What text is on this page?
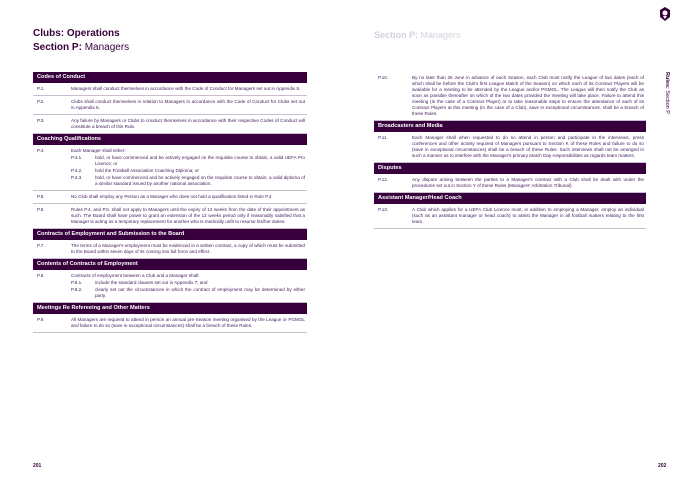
Clubs: Operations
Section P: Managers
Codes of Conduct
P.1.	Managers shall conduct themselves in accordance with the Code of Conduct for Managers set out in Appendix 5.
P.2.	Clubs shall conduct themselves in relation to Managers in accordance with the Code of Conduct for Clubs set out in Appendix 6.
P.3.	Any failure by Managers or Clubs to conduct themselves in accordance with their respective Codes of Conduct will constitute a breach of this Rule.
Coaching Qualifications
P.4.	Each Manager shall either:
P.4.1.	hold, or have commenced and be actively engaged on the requisite course to obtain, a valid UEFA Pro Licence; or
P.4.2.	hold the Football Association Coaching Diploma; or
P.4.3.	hold, or have commenced and be actively engaged on the requisite course to obtain, a valid diploma of a similar standard issued by another national association.
P.5.	No Club shall employ any Person as a Manager who does not hold a qualification listed in Rule P.4.
P.6.	Rules P.4. and P.5. shall not apply to Managers until the expiry of 12 weeks from the date of their appointment as such. The Board shall have power to grant an extension of the 12 weeks period only if reasonably satisfied that a Manager is acting as a temporary replacement for another who is medically unfit to resume his/her duties.
Contracts of Employment and Submission to the Board
P.7.	The terms of a Manager's employment must be evidenced in a written contract, a copy of which must be submitted to the Board within seven days of its coming into full force and effect.
Contents of Contracts of Employment
P.8.	Contracts of employment between a Club and a Manager shall:
P.8.1.	include the standard clauses set out in Appendix 7; and
P.8.2.	clearly set out the circumstances in which the contract of employment may be determined by either party.
Meetings Re Refereeing and Other Matters
P.9.	All Managers are required to attend in person an annual pre-Season meeting organised by the League or PGMOL and failure to do so (save in exceptional circumstances) shall be a breach of these Rules.
201
Section P: Managers
Rules: Section P
P.10.	By no later than 25 June in advance of each Season, each Club must notify the League of two dates (each of which shall be before the Club's first League Match of the Season) on which each of its Contract Players will be available for a meeting to be attended by the League and/or PGMOL. The League will then notify the Club as soon as possible thereafter on which of the two dates provided the meeting will take place. Failure to attend this meeting (in the case of a Contract Player) or to take reasonable steps to ensure the attendance of each of its Contract Players at this meeting (in the case of a Club), save in exceptional circumstances, shall be a breach of these Rules.
Broadcasters and Media
P.11.	Each Manager shall when requested to do so attend in person and participate in the interviews, press conferences and other activity required of Managers pursuant to Section K of these Rules and failure to do so (save in exceptional circumstances) shall be a breach of these Rules. Such interviews shall not be arranged in such a manner as to interfere with the Manager's primary Match Day responsibilities as regards team matters.
Disputes
P.12.	Any dispute arising between the parties to a Manager's contract with a Club shall be dealt with under the procedures set out in Section Y of these Rules (Managers' Arbitration Tribunal).
Assistant Manager/Head Coach
P.13.	A Club which applies for a UEFA Club Licence must, in addition to employing a Manager, employ an individual (such as an assistant manager or head coach) to assist the Manager in all football matters relating to the first team.
202
